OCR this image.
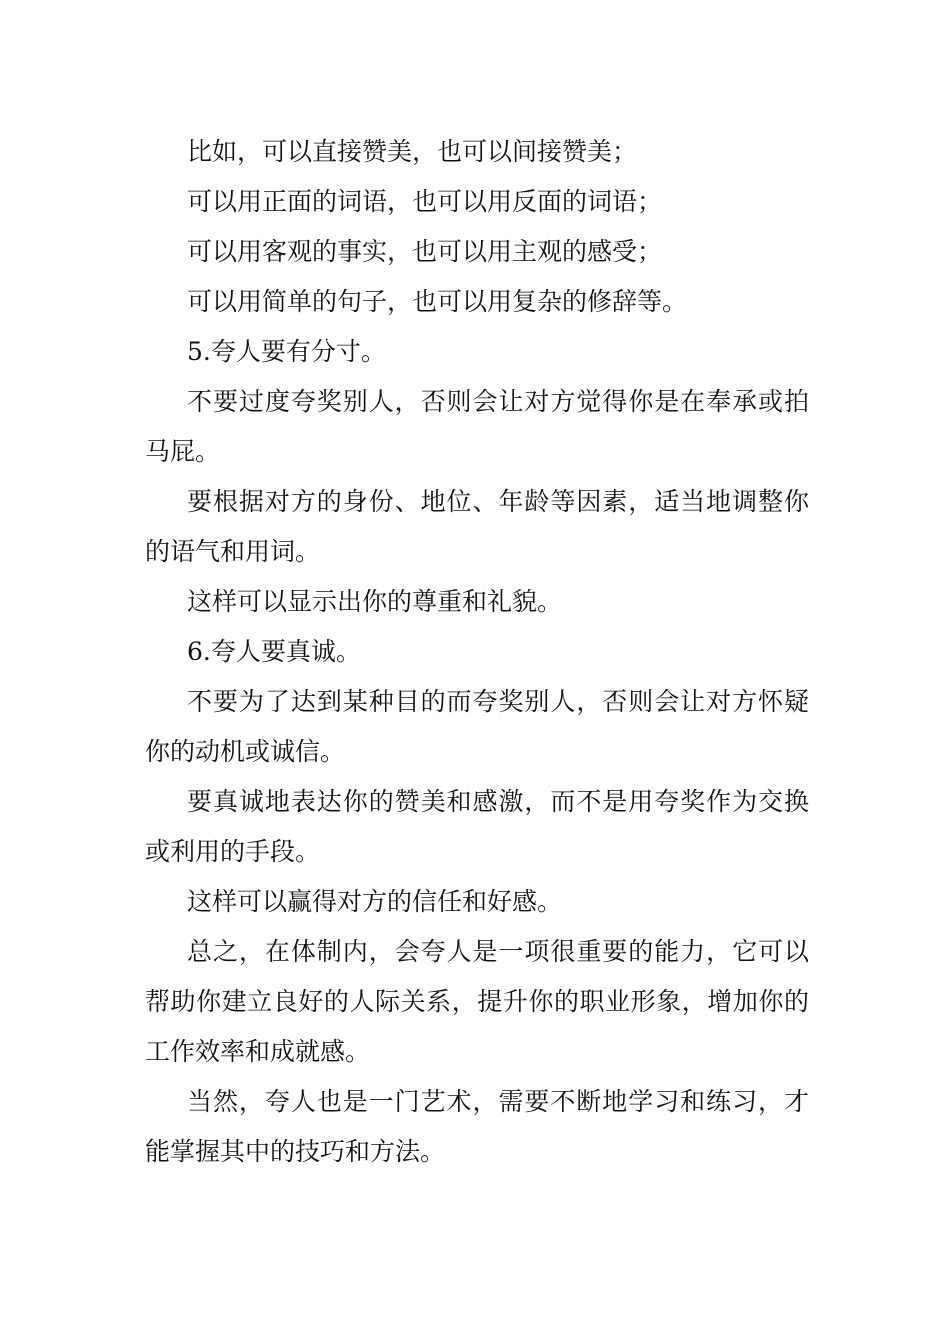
比如，可以直接赞美，也可以间接赞美；

可以用正面的词语，也可以用反面的词语；

可以用客观的事实，也可以用主观的感受；

可以用简单的句子，也可以用复杂的修辞等。

5.夸人要有分寸。

不要过度夸奖别人，否则会让对方觉得你是在奉承或拍马屁。

要根据对方的身份、地位、年龄等因素，适当地调整你的语气和用词。

这样可以显示出你的尊重和礼貌。

6.夸人要真诚。

不要为了达到某种目的而夸奖别人，否则会让对方怀疑你的动机或诚信。

要真诚地表达你的赞美和感激，而不是用夸奖作为交换或利用的手段。

这样可以赢得对方的信任和好感。

总之，在体制内，会夸人是一项很重要的能力，它可以帮助你建立良好的人际关系，提升你的职业形象，增加你的工作效率和成就感。

当然，夸人也是一门艺术，需要不断地学习和练习，才能掌握其中的技巧和方法。
